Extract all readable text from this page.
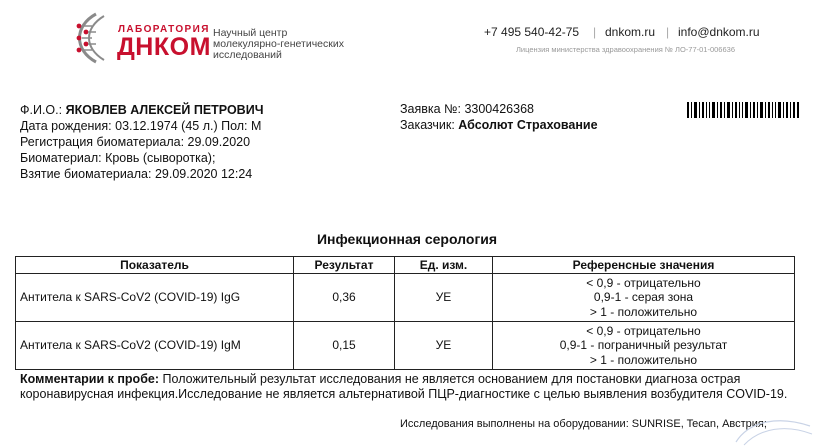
ЛАБОРАТОРИЯ
ДНКОМ Научный центр
молекулярно-генетических
исследований
+7 495 540-42-75 | dnkom.ru | info@dnkom.ru
Лицензия министерства здравоохранения № ЛО-77-01-006636
Ф.И.О.: ЯКОВЛЕВ АЛЕКСЕЙ ПЕТРОВИЧ
Дата рождения: 03.12.1974 (45 л.) Пол: М
Регистрация биоматериала: 29.09.2020
Биоматериал: Кровь (сыворотка);
Взятие биоматериала: 29.09.2020 12:24
Заявка №: 3300426368
Заказчик: Абсолют Страхование
Инфекционная серология
Показатель	Результат	Ед. изм.	Референсные значения
Антитела к SARS-CoV2 (COVID-19) IgG	0,36	УЕ	< 0,9 - отрицательно
0,9-1 - серая зона
> 1 - положительно

Антитела к SARS-CoV2 (COVID-19) IgM	0,15	УЕ	< 0,9 - отрицательно
0,9-1 - пограничный результат
> 1 - положительно
Комментарии к пробе: Положительный результат исследования не является основанием для постановки диагноза острая коронавирусная инфекция.Исследование не является альтернативой ПЦР-диагностике с целью выявления возбудителя COVID-19.
Исследования выполнены на оборудовании: SUNRISE, Tecan, Австрия;
